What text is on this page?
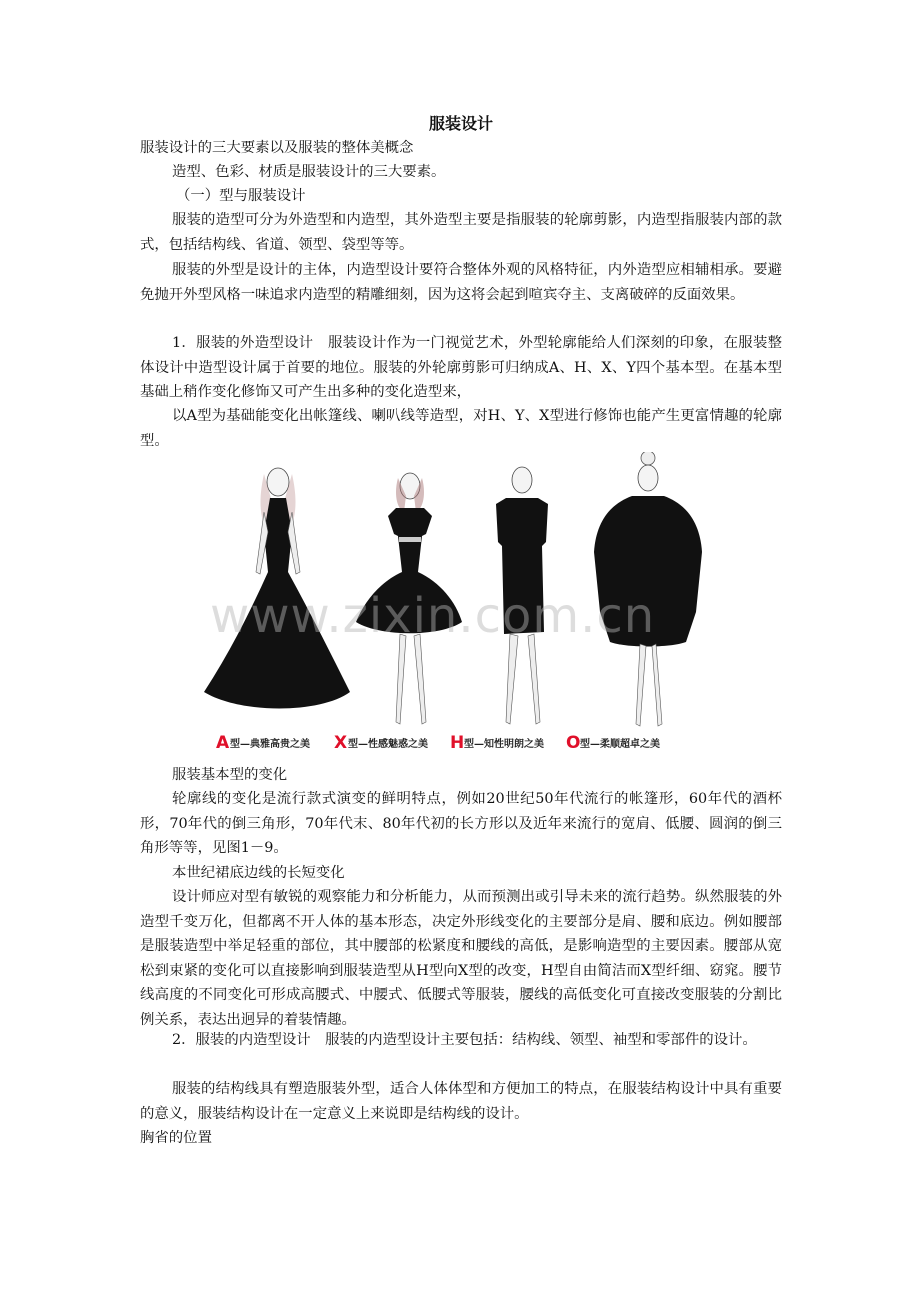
服装设计

服装设计的三大要素以及服装的整体美概念

造型、色彩、材质是服装设计的三大要素。

（一）型与服装设计

服装的造型可分为外造型和内造型，其外造型主要是指服装的轮廓剪影，内造型指服装内部的款式，包括结构线、省道、领型、袋型等等。

服装的外型是设计的主体，内造型设计要符合整体外观的风格特征，内外造型应相辅相承。要避免抛开外型风格一味追求内造型的精雕细刻，因为这将会起到喧宾夺主、支离破碎的反面效果。

1．服装的外造型设计　服装设计作为一门视觉艺术，外型轮廓能给人们深刻的印象，在服装整体设计中造型设计属于首要的地位。服装的外轮廓剪影可归纳成A、H、X、Y四个基本型。在基本型基础上稍作变化修饰又可产生出多种的变化造型来，

以A型为基础能变化出帐篷线、喇叭线等造型，对H、Y、X型进行修饰也能产生更富情趣的轮廓型。

www.zixin.com.cn
A 型—典雅高贵之美 X 型—性感魅惑之美 H 型—知性明朗之美 O 型—柔顺超卓之美

服装基本型的变化

轮廓线的变化是流行款式演变的鲜明特点，例如20世纪50年代流行的帐篷形，60年代的酒杯形，70年代的倒三角形，70年代末、80年代初的长方形以及近年来流行的宽肩、低腰、圆润的倒三角形等等，见图1－9。

本世纪裙底边线的长短变化

设计师应对型有敏锐的观察能力和分析能力，从而预测出或引导未来的流行趋势。纵然服装的外造型千变万化，但都离不开人体的基本形态，决定外形线变化的主要部分是肩、腰和底边。例如腰部是服装造型中举足轻重的部位，其中腰部的松紧度和腰线的高低，是影响造型的主要因素。腰部从宽松到束紧的变化可以直接影响到服装造型从H型向X型的改变，H型自由简洁而X型纤细、窈窕。腰节线高度的不同变化可形成高腰式、中腰式、低腰式等服装，腰线的高低变化可直接改变服装的分割比例关系，表达出迥异的着装情趣。

2．服装的内造型设计　服装的内造型设计主要包括：结构线、领型、袖型和零部件的设计。

服装的结构线具有塑造服装外型，适合人体体型和方便加工的特点，在服装结构设计中具有重要的意义，服装结构设计在一定意义上来说即是结构线的设计。

胸省的位置
